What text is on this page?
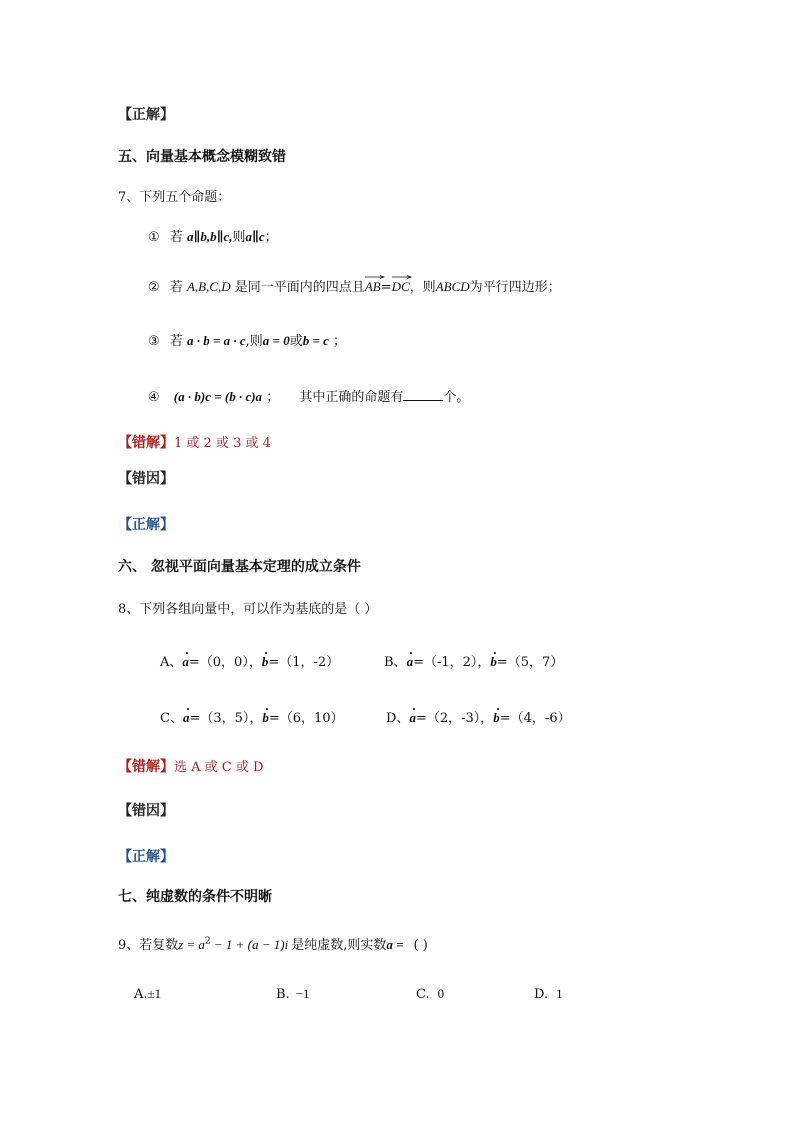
【正解】
五、向量基本概念模糊致错
7、下列五个命题：
① 若 a∥b,b∥c,则a∥c；
② 若 A,B,C,D 是同一平面内的四点且
AB=
DC，则ABCD为平行四边形；
③ 若 a · b = a · c,则a = 0或b = c ；
④ (a · b)c = (b · c)a ； 其中正确的命题有	个。
【错解】1 或 2 或 3 或 4
【错因】
【正解】
六、 忽视平面向量基本定理的成立条件
8、下列各组向量中，可以作为基底的是（ ）
A、a=（0，0），b=（1，-2）	B、a=（-1，2），b=（5，7）
C、a=（3，5），b=（6，10）	D、a=（2，-3），b=（4，-6）
【错解】选 A 或 C 或 D
【错因】
【正解】
七、纯虚数的条件不明晰
9、若复数$z = a^2 - 1 + (a - 1)i$ 是纯虚数,则实数a = ( )
A.±1	B. −1	C. 0	D. 1
